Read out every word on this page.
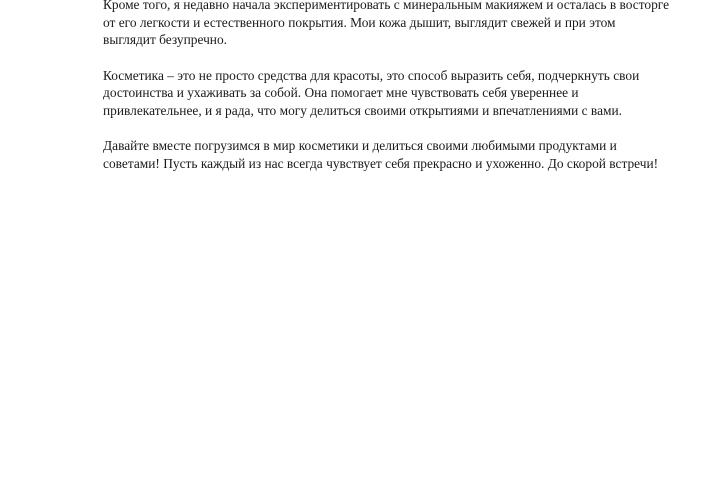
Кроме того, я недавно начала экспериментировать с минеральным макияжем и осталась в восторге
от его легкости и естественного покрытия. Мои кожа дышит, выглядит свежей и при этом
выглядит безупречно.

Косметика – это не просто средства для красоты, это способ выразить себя, подчеркнуть свои
достоинства и ухаживать за собой. Она помогает мне чувствовать себя увереннее и
привлекательнее, и я рада, что могу делиться своими открытиями и впечатлениями с вами.

Давайте вместе погрузимся в мир косметики и делиться своими любимыми продуктами и
советами! Пусть каждый из нас всегда чувствует себя прекрасно и ухоженно. До скорой встречи!
